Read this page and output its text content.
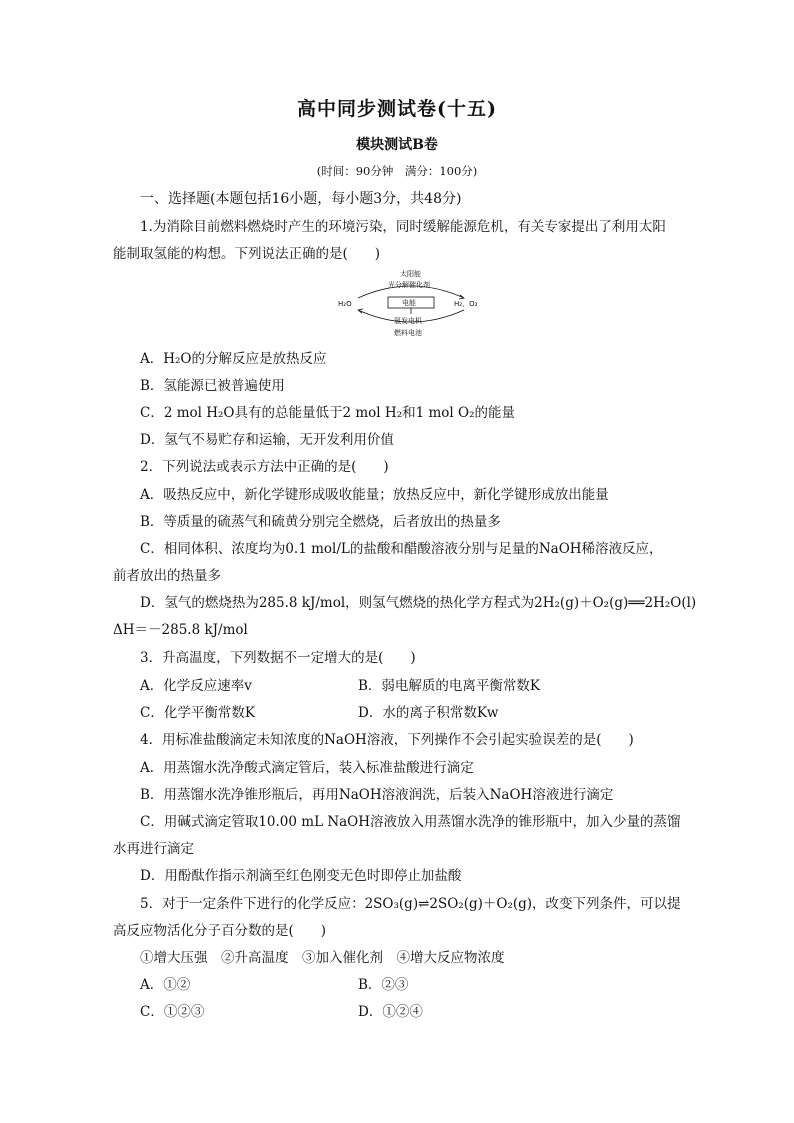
高中同步测试卷(十五)
模块测试B卷
(时间：90分钟　满分：100分)
一、选择题(本题包括16小题，每小题3分，共48分)
1.为消除目前燃料燃烧时产生的环境污染，同时缓解能源危机，有关专家提出了利用太阳
能制取氢能的构想。下列说法正确的是(　　)
太阳能
光分解催化剂
H₂O	电能	H₂、O₂
氢发电机
燃料电池
A．H₂O的分解反应是放热反应
B．氢能源已被普遍使用
C．2 mol H₂O具有的总能量低于2 mol H₂和1 mol O₂的能量
D．氢气不易贮存和运输，无开发利用价值
2．下列说法或表示方法中正确的是(　　)
A．吸热反应中，新化学键形成吸收能量；放热反应中，新化学键形成放出能量
B．等质量的硫蒸气和硫黄分别完全燃烧，后者放出的热量多
C．相同体积、浓度均为0.1 mol/L的盐酸和醋酸溶液分别与足量的NaOH稀溶液反应，
前者放出的热量多
D．氢气的燃烧热为285.8 kJ/mol，则氢气燃烧的热化学方程式为2H₂(g)＋O₂(g)══2H₂O(l)
ΔH＝－285.8 kJ/mol
3．升高温度，下列数据不一定增大的是(　　)
A．化学反应速率v	B．弱电解质的电离平衡常数K
C．化学平衡常数K	D．水的离子积常数Kw
4．用标准盐酸滴定未知浓度的NaOH溶液，下列操作不会引起实验误差的是(　　)
A．用蒸馏水洗净酸式滴定管后，装入标准盐酸进行滴定
B．用蒸馏水洗净锥形瓶后，再用NaOH溶液润洗，后装入NaOH溶液进行滴定
C．用碱式滴定管取10.00 mL NaOH溶液放入用蒸馏水洗净的锥形瓶中，加入少量的蒸馏
水再进行滴定
D．用酚酞作指示剂滴至红色刚变无色时即停止加盐酸
5．对于一定条件下进行的化学反应：2SO₃(g)⇌2SO₂(g)＋O₂(g)，改变下列条件，可以提
高反应物活化分子百分数的是(　　)
①增大压强　②升高温度　③加入催化剂　④增大反应物浓度
A．①②	B．②③
C．①②③	D．①②④
